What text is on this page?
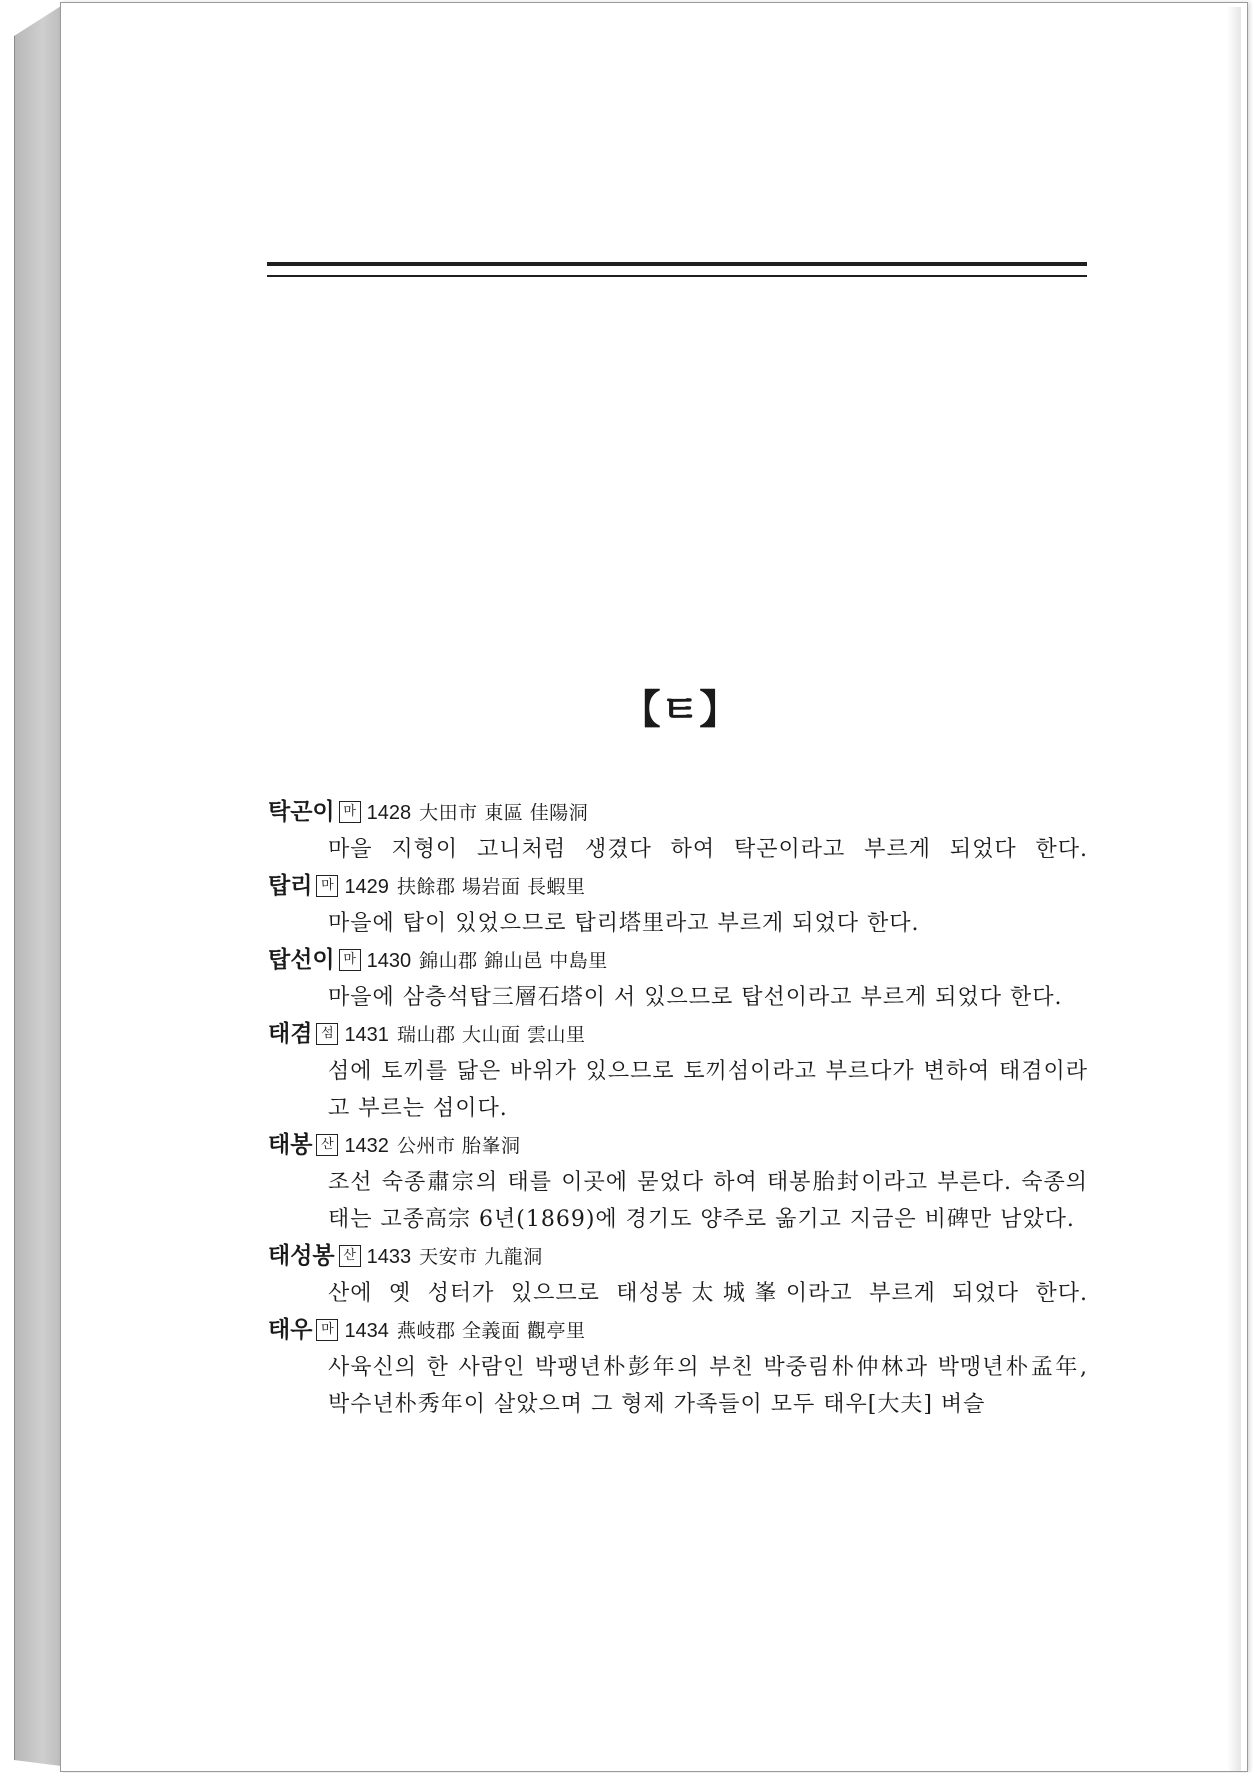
【ㅌ】
탁곤이 마 1428 大田市 東區 佳陽洞
마을 지형이 고니처럼 생겼다 하여 탁곤이라고 부르게 되었다 한다.
탑리 마 1429 扶餘郡 場岩面 長蝦里
마을에 탑이 있었으므로 탑리塔里라고 부르게 되었다 한다.
탑선이 마 1430 錦山郡 錦山邑 中島里
마을에 삼층석탑三層石塔이 서 있으므로 탑선이라고 부르게 되었다 한다.
태겸 섬 1431 瑞山郡 大山面 雲山里
섬에 토끼를 닮은 바위가 있으므로 토끼섬이라고 부르다가 변하여 태겸이라고 부르는 섬이다.
태봉 산 1432 公州市 胎峯洞
조선 숙종肅宗의 태를 이곳에 묻었다 하여 태봉胎封이라고 부른다. 숙종의 태는 고종高宗 6년(1869)에 경기도 양주로 옮기고 지금은 비碑만 남았다.
태성봉 산 1433 天安市 九龍洞
산에 옛 성터가 있으므로 태성봉太城峯이라고 부르게 되었다 한다.
태우 마 1434 燕岐郡 全義面 觀亭里
사육신의 한 사람인 박팽년朴彭年의 부친 박중림朴仲林과 박맹년朴孟年, 박수년朴秀年이 살았으며 그 형제 가족들이 모두 태우[大夫] 벼슬
